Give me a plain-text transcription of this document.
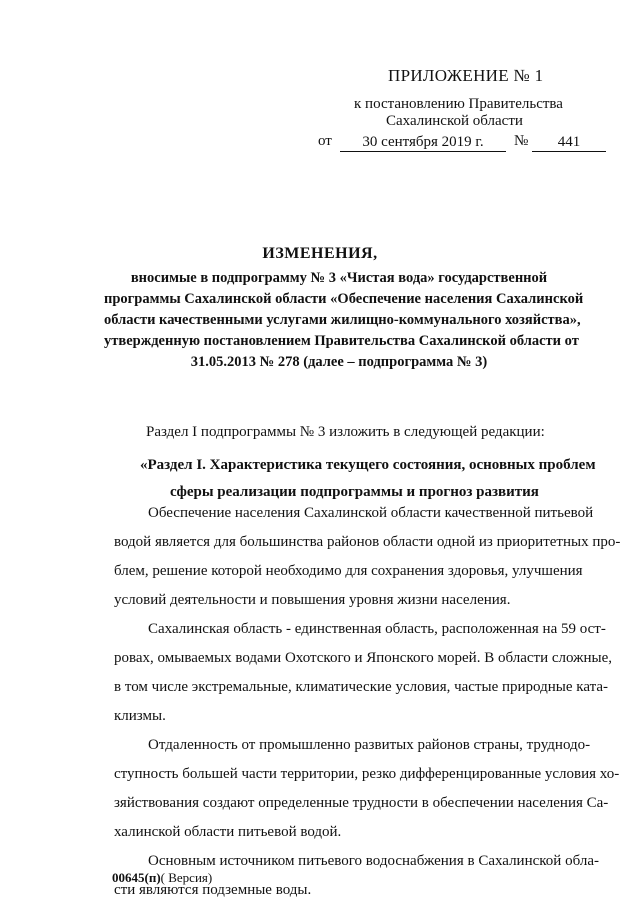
ПРИЛОЖЕНИЕ № 1
к постановлению Правительства
Сахалинской области
от	30 сентября 2019 г.	№	441
ИЗМЕНЕНИЯ,
вносимые в подпрограмму № 3 «Чистая вода» государственной
программы Сахалинской области «Обеспечение населения Сахалинской
области качественными услугами жилищно-коммунального хозяйства»,
утвержденную постановлением Правительства Сахалинской области от
31.05.2013 № 278 (далее – подпрограмма № 3)
Раздел I подпрограммы № 3 изложить в следующей редакции:
«Раздел I. Характеристика текущего состояния, основных проблем
сферы реализации подпрограммы и прогноз развития
Обеспечение населения Сахалинской области качественной питьевой
водой является для большинства районов области одной из приоритетных про-
блем, решение которой необходимо для сохранения здоровья, улучшения
условий деятельности и повышения уровня жизни населения.
Сахалинская область - единственная область, расположенная на 59 ост-
ровах, омываемых водами Охотского и Японского морей. В области сложные,
в том числе экстремальные, климатические условия, частые природные ката-
клизмы.
Отдаленность от промышленно развитых районов страны, труднодо-
ступность большей части территории, резко дифференцированные условия хо-
зяйствования создают определенные трудности в обеспечении населения Са-
халинской области питьевой водой.
Основным источником питьевого водоснабжения в Сахалинской обла-
сти являются подземные воды.
00645(п)( Версия)
